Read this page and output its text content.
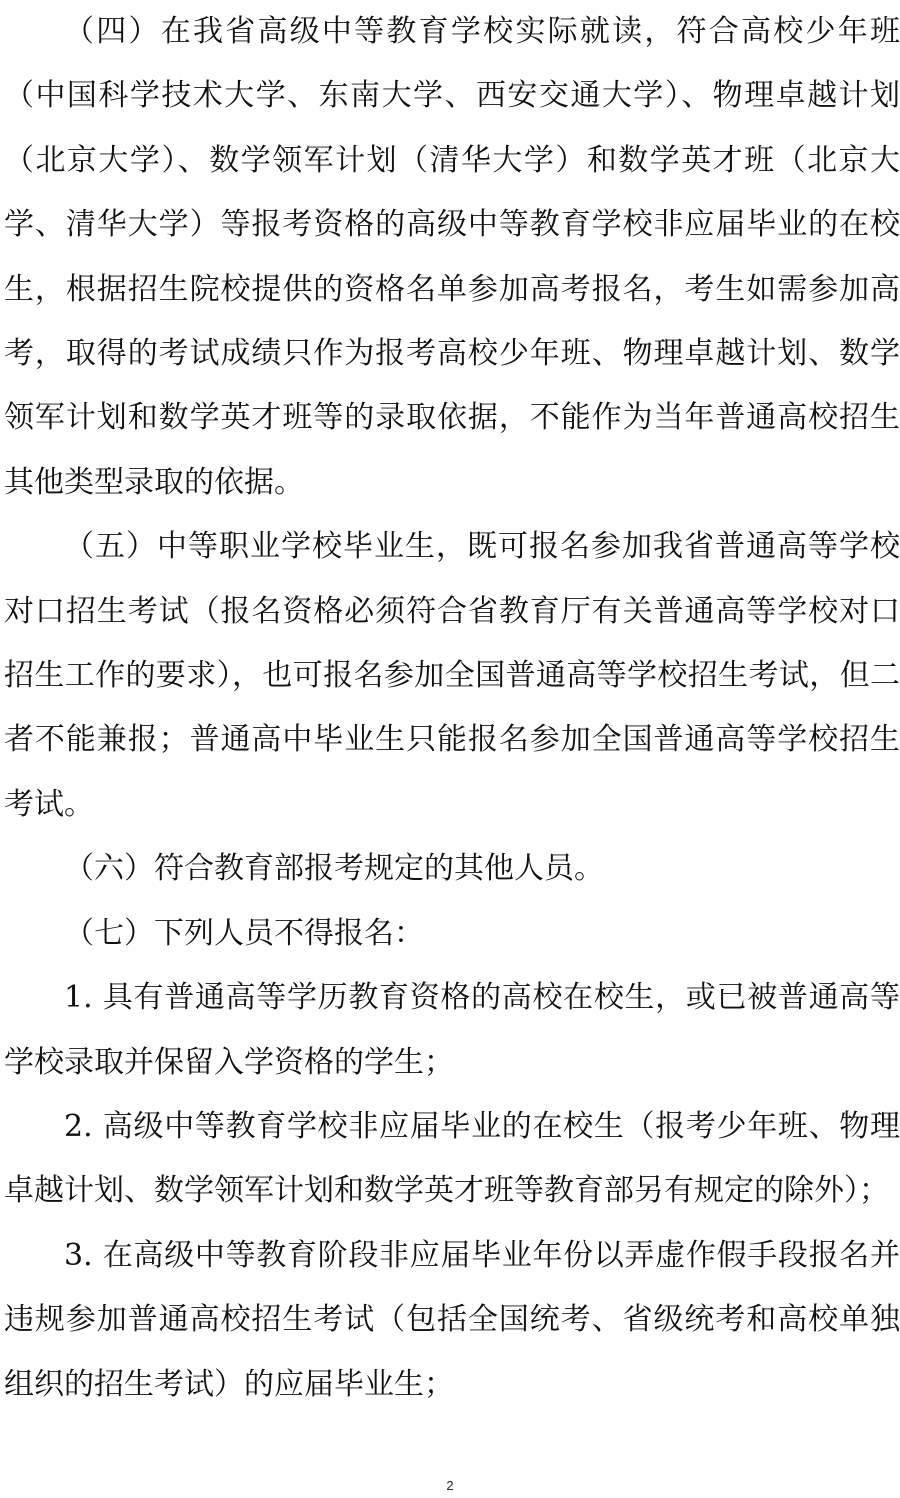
（四）在我省高级中等教育学校实际就读，符合高校少年班（中国科学技术大学、东南大学、西安交通大学）、物理卓越计划（北京大学）、数学领军计划（清华大学）和数学英才班（北京大学、清华大学）等报考资格的高级中等教育学校非应届毕业的在校生，根据招生院校提供的资格名单参加高考报名，考生如需参加高考，取得的考试成绩只作为报考高校少年班、物理卓越计划、数学领军计划和数学英才班等的录取依据，不能作为当年普通高校招生其他类型录取的依据。

（五）中等职业学校毕业生，既可报名参加我省普通高等学校对口招生考试（报名资格必须符合省教育厅有关普通高等学校对口招生工作的要求），也可报名参加全国普通高等学校招生考试，但二者不能兼报；普通高中毕业生只能报名参加全国普通高等学校招生考试。

（六）符合教育部报考规定的其他人员。

（七）下列人员不得报名：

1. 具有普通高等学历教育资格的高校在校生，或已被普通高等学校录取并保留入学资格的学生；

2. 高级中等教育学校非应届毕业的在校生（报考少年班、物理卓越计划、数学领军计划和数学英才班等教育部另有规定的除外）；

3. 在高级中等教育阶段非应届毕业年份以弄虚作假手段报名并违规参加普通高校招生考试（包括全国统考、省级统考和高校单独组织的招生考试）的应届毕业生；

2
